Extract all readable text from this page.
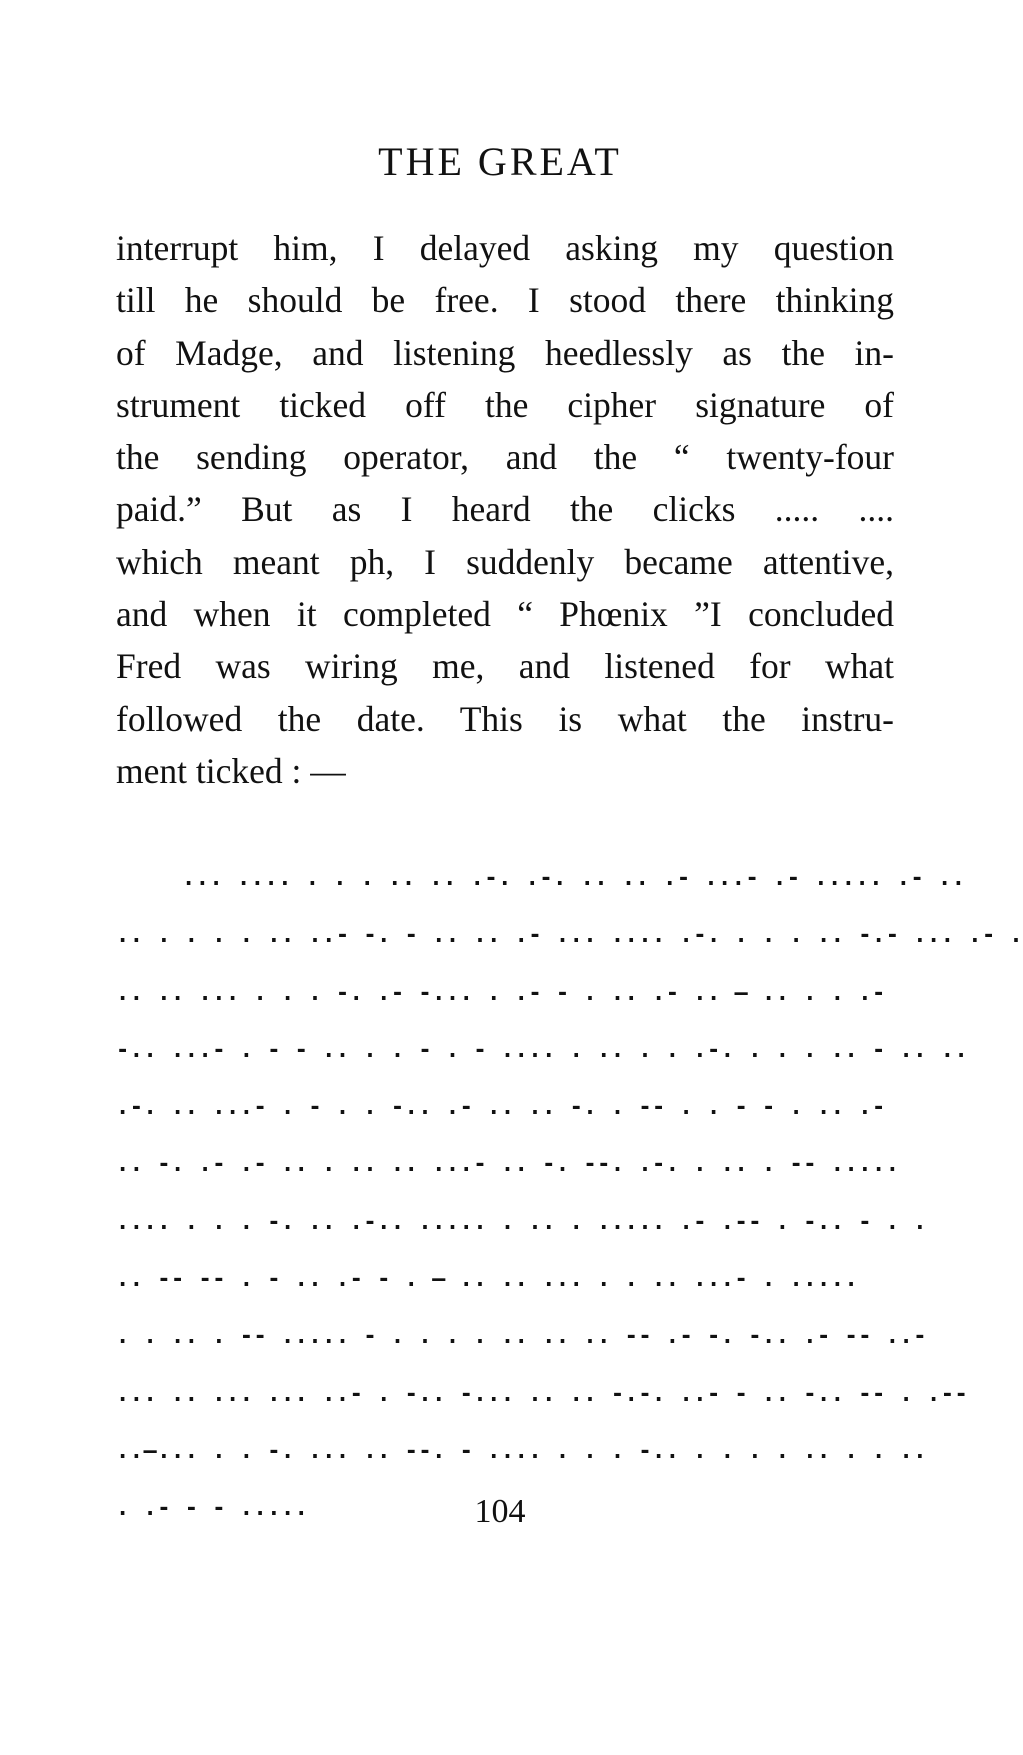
THE GREAT
interrupt him, I delayed asking my question
till he should be free. I stood there thinking
of Madge, and listening heedlessly as the in-
strument ticked off the cipher signature of
the sending operator, and the “ twenty-four
paid.” But as I heard the clicks ..... ....
which meant ph, I suddenly became attentive,
and when it completed “ Phœnix ”I concluded
Fred was wiring me, and listened for what
followed the date. This is what the instru-
ment ticked : —
... .... . . . .. .. .-. .-. .. .. .- ...- .- ..... .- ..
.. . . . . .. ..- -. - .. .. .- ... .... .-. . . . .. -.- ... .- .
.. .. ... . . . -. .- -... . .- - . .. .- .. — .. . . .-
-.. ...- . - - .. . . - . - .... . .. . . .-. . . . .. - .. ..
.-. .. ...- . - . . -.. .- .. .. -. . -- . . - - . .. .-
.. -. .- .- .. . .. .. ...- .. -. --. .-. . .. . -- .....
.... . . . -. .. .-.. ..... . .. . ..... .- .-- . -.. - . .
.. -- -- . - .. .- - . — .. .. ... . . .. ...- . .....
. . .. . -- ..... - . . . . .. .. .. -- .- -. -.. .- -- ..-
... .. ... ... ..- . -.. -... .. .. -.-. ..- - .. -.. -- . .--
..—... . . -. ... .. --. - .... . . . -.. . . . . .. . . ..
. .- - - .....	104
